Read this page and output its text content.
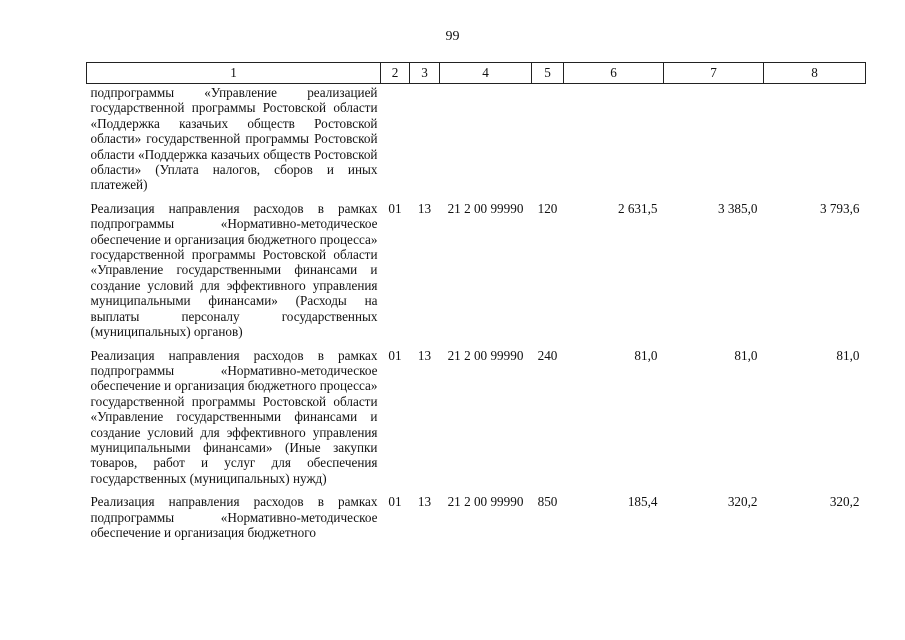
99
1	2	3	4	5	6	7	8
подпрограммы «Управление реализацией государственной программы Ростовской области «Поддержка казачьих обществ Ростовской области» государственной программы Ростовской области «Поддержка казачьих обществ Ростовской области» (Уплата налогов, сборов и иных платежей)							
Реализация направления расходов в рамках подпрограммы «Нормативно-методическое обеспечение и организация бюджетного процесса» государственной программы Ростовской области «Управление государственными финансами и создание условий для эффективного управления муниципальными финансами» (Расходы на выплаты персоналу государственных (муниципальных) органов)	01	13	21 2 00 99990	120	2 631,5	3 385,0	3 793,6
Реализация направления расходов в рамках подпрограммы «Нормативно-методическое обеспечение и организация бюджетного процесса» государственной программы Ростовской области «Управление государственными финансами и создание условий для эффективного управления муниципальными финансами» (Иные закупки товаров, работ и услуг для обеспечения государственных (муниципальных) нужд)	01	13	21 2 00 99990	240	81,0	81,0	81,0
Реализация направления расходов в рамках подпрограммы «Нормативно-методическое обеспечение и организация бюджетного	01	13	21 2 00 99990	850	185,4	320,2	320,2
